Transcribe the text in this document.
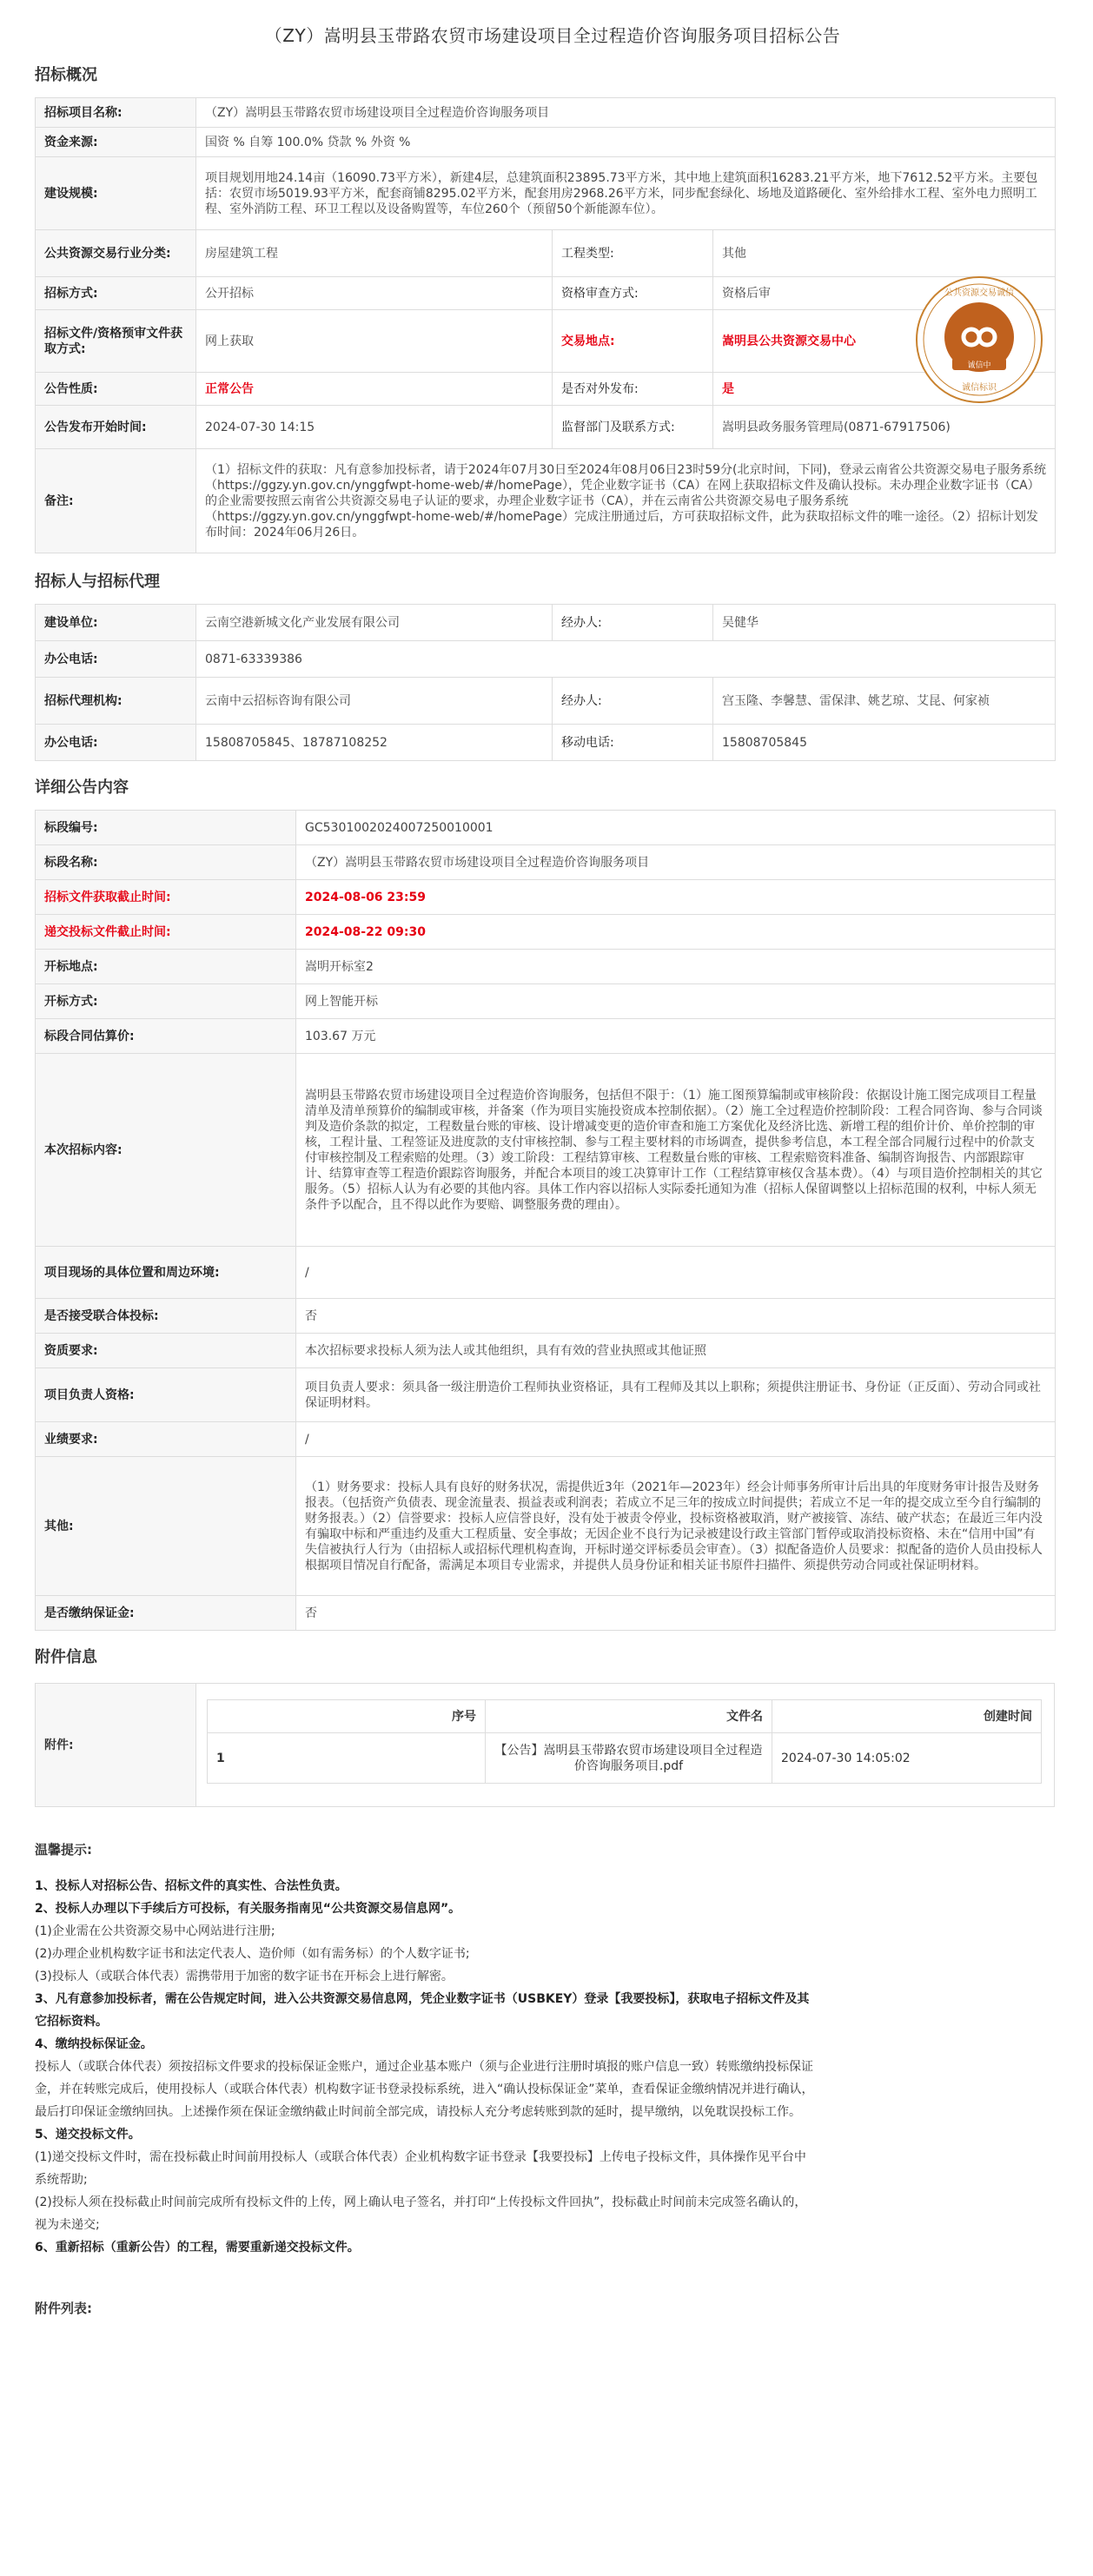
（ZY）嵩明县玉带路农贸市场建设项目全过程造价咨询服务项目招标公告
招标概况
招标项目名称:	（ZY）嵩明县玉带路农贸市场建设项目全过程造价咨询服务项目		
资金来源:	国资 % 自筹 100.0% 贷款 % 外资 %		
建设规模:	项目规划用地24.14亩（16090.73平方米），新建4层，总建筑面积23895.73平方米，其中地上建筑面积16283.21平方米，地下7612.52平方米。主要包括：农贸市场5019.93平方米，配套商铺8295.02平方米，配套用房2968.26平方米，同步配套绿化、场地及道路硬化、室外给排水工程、室外电力照明工程、室外消防工程、环卫工程以及设备购置等，车位260个（预留50个新能源车位）。		
公共资源交易行业分类:	房屋建筑工程	工程类型:	其他
招标方式:	公开招标	资格审查方式:	资格后审
招标文件/资格预审文件获取方式:	网上获取	交易地点:	嵩明县公共资源交易中心
公告性质:	正常公告	是否对外发布:	是
公告发布开始时间:	2024-07-30 14:15	监督部门及联系方式:	嵩明县政务服务管理局(0871-67917506)
备注:	（1）招标文件的获取：凡有意参加投标者，请于2024年07月30日至2024年08月06日23时59分(北京时间，下同)，登录云南省公共资源交易电子服务系统（https://ggzy.yn.gov.cn/ynggfwpt-home-web/#/homePage），凭企业数字证书（CA）在网上获取招标文件及确认投标。未办理企业数字证书（CA）的企业需要按照云南省公共资源交易电子认证的要求，办理企业数字证书（CA），并在云南省公共资源交易电子服务系统（https://ggzy.yn.gov.cn/ynggfwpt-home-web/#/homePage）完成注册通过后，方可获取招标文件，此为获取招标文件的唯一途径。（2）招标计划发布时间：2024年06月26日。		
招标人与招标代理
建设单位:	云南空港新城文化产业发展有限公司	经办人:	吴健华
办公电话:	0871-63339386		
招标代理机构:	云南中云招标咨询有限公司	经办人:	宫玉隆、李馨慧、雷保津、姚艺琼、艾昆、何家祯
办公电话:	15808705845、18787108252	移动电话:	15808705845
详细公告内容
标段编号:	GC5301002024007250010001
标段名称:	（ZY）嵩明县玉带路农贸市场建设项目全过程造价咨询服务项目
招标文件获取截止时间:	2024-08-06 23:59
递交投标文件截止时间:	2024-08-22 09:30
开标地点:	嵩明开标室2
开标方式:	网上智能开标
标段合同估算价:	103.67 万元
本次招标内容:	嵩明县玉带路农贸市场建设项目全过程造价咨询服务，包括但不限于：（1）施工图预算编制或审核阶段：依据设计施工图完成项目工程量清单及清单预算价的编制或审核，并备案（作为项目实施投资成本控制依据）。（2）施工全过程造价控制阶段：工程合同咨询、参与合同谈判及造价条款的拟定，工程数量台账的审核、设计增减变更的造价审查和施工方案优化及经济比选、新增工程的组价计价、单价控制的审核，工程计量、工程签证及进度款的支付审核控制、参与工程主要材料的市场调查，提供参考信息，本工程全部合同履行过程中的价款支付审核控制及工程索赔的处理。（3）竣工阶段：工程结算审核、工程数量台账的审核、工程索赔资料准备、编制咨询报告、内部跟踪审计、结算审查等工程造价跟踪咨询服务，并配合本项目的竣工决算审计工作（工程结算审核仅含基本费）。（4）与项目造价控制相关的其它服务。（5）招标人认为有必要的其他内容。具体工作内容以招标人实际委托通知为准（招标人保留调整以上招标范围的权利，中标人须无条件予以配合，且不得以此作为要赔、调整服务费的理由）。
项目现场的具体位置和周边环境:	/
是否接受联合体投标:	否
资质要求:	本次招标要求投标人须为法人或其他组织，具有有效的营业执照或其他证照
项目负责人资格:	项目负责人要求：须具备一级注册造价工程师执业资格证，具有工程师及其以上职称；须提供注册证书、身份证（正反面）、劳动合同或社保证明材料。
业绩要求:	/
其他:	（1）财务要求：投标人具有良好的财务状况，需提供近3年（2021年—2023年）经会计师事务所审计后出具的年度财务审计报告及财务报表。（包括资产负债表、现金流量表、损益表或利润表；若成立不足三年的按成立时间提供；若成立不足一年的提交成立至今自行编制的财务报表。）（2）信誉要求：投标人应信誉良好，没有处于被责令停业，投标资格被取消，财产被接管、冻结、破产状态；在最近三年内没有骗取中标和严重违约及重大工程质量、安全事故；无因企业不良行为记录被建设行政主管部门暂停或取消投标资格、未在“信用中国”有失信被执行人行为（由招标人或招标代理机构查询，开标时递交评标委员会审查）。（3）拟配备造价人员要求：拟配备的造价人员由投标人根据项目情况自行配备，需满足本项目专业需求，并提供人员身份证和相关证书原件扫描件、须提供劳动合同或社保证明材料。
是否缴纳保证金:	否
附件信息
附件:
序号	文件名	创建时间
1	【公告】嵩明县玉带路农贸市场建设项目全过程造价咨询服务项目.pdf	2024-07-30 14:05:02
温馨提示:

1、投标人对招标公告、招标文件的真实性、合法性负责。

2、投标人办理以下手续后方可投标，有关服务指南见“公共资源交易信息网”。

(1)企业需在公共资源交易中心网站进行注册;

(2)办理企业机构数字证书和法定代表人、造价师（如有需务标）的个人数字证书;

(3)投标人（或联合体代表）需携带用于加密的数字证书在开标会上进行解密。

3、凡有意参加投标者，需在公告规定时间，进入公共资源交易信息网，凭企业数字证书（USBKEY）登录【我要投标】，获取电子招标文件及其它招标资料。

4、缴纳投标保证金。

投标人（或联合体代表）须按招标文件要求的投标保证金账户，通过企业基本账户（须与企业进行注册时填报的账户信息一致）转账缴纳投标保证金，并在转账完成后，使用投标人（或联合体代表）机构数字证书登录投标系统，进入“确认投标保证金”菜单，查看保证金缴纳情况并进行确认，最后打印保证金缴纳回执。上述操作须在保证金缴纳截止时间前全部完成，请投标人充分考虑转账到款的延时，提早缴纳，以免耽误投标工作。

5、递交投标文件。

(1)递交投标文件时，需在投标截止时间前用投标人（或联合体代表）企业机构数字证书登录【我要投标】上传电子投标文件，具体操作见平台中系统帮助;

(2)投标人须在投标截止时间前完成所有投标文件的上传，网上确认电子签名，并打印“上传投标文件回执”，投标截止时间前未完成签名确认的，视为未递交;

6、重新招标（重新公告）的工程，需要重新递交投标文件。

附件列表:
诚信中
公共资源交易诚信
诚信标识
